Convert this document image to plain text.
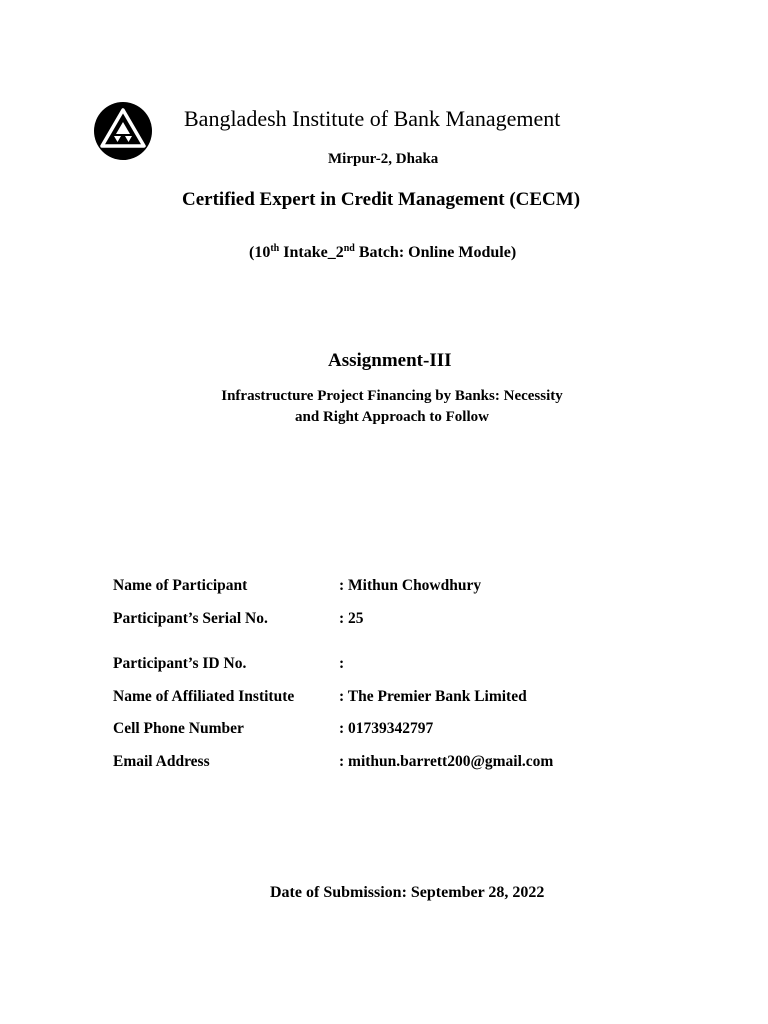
Bangladesh Institute of Bank Management
Mirpur-2, Dhaka
Certified Expert in Credit Management (CECM)
(10th Intake_2nd Batch: Online Module)
Assignment-III
Infrastructure Project Financing by Banks: Necessity
and Right Approach to Follow
Name of Participant	: Mithun Chowdhury
Participant’s Serial No.	: 25
Participant’s ID No.	:
Name of Affiliated Institute	: The Premier Bank Limited
Cell Phone Number	: 01739342797
Email Address	: mithun.barrett200@gmail.com
Date of Submission: September 28, 2022
